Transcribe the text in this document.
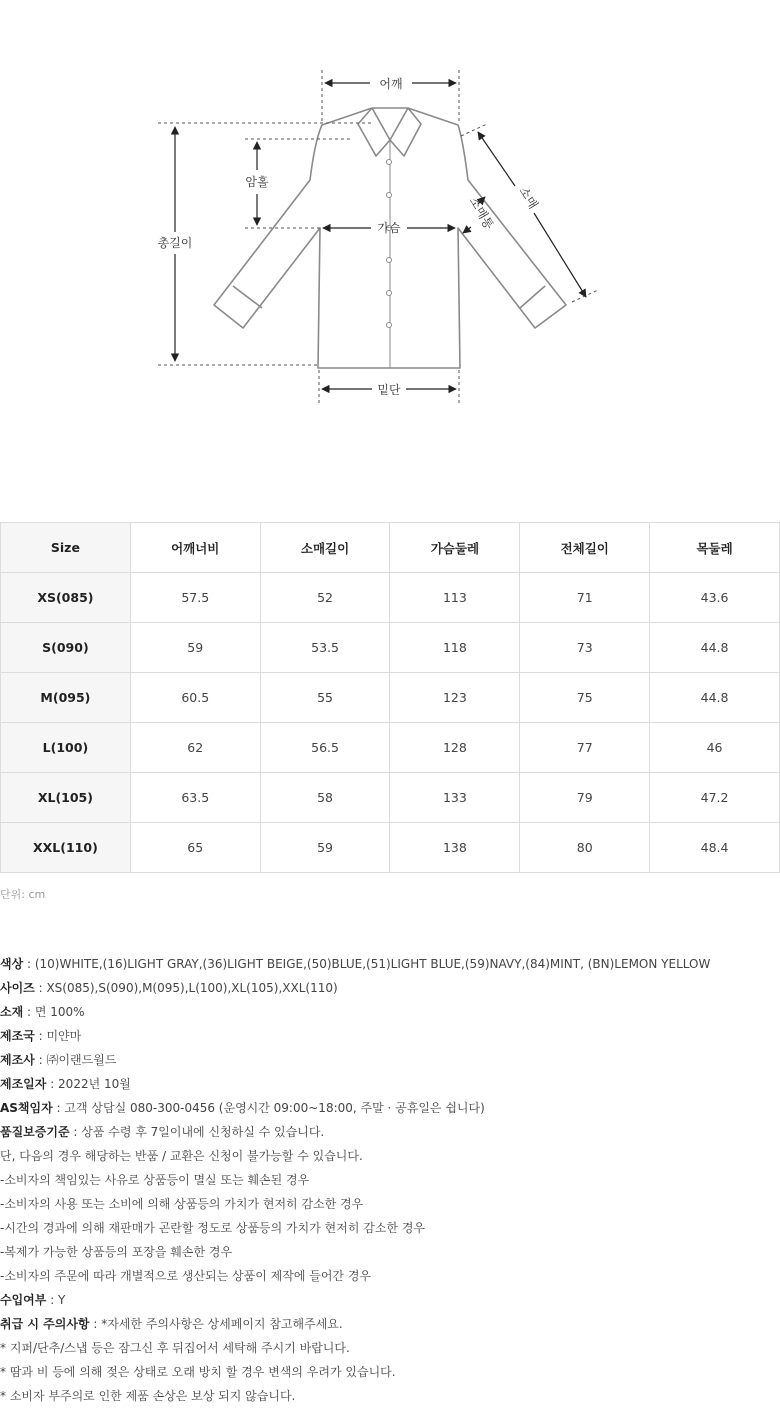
어깨
암홀
총길이
가슴
밑단
소매
소매통
Size	어깨너비	소매길이	가슴둘레	전체길이	목둘레
XS(085)	57.5	52	113	71	43.6
S(090)	59	53.5	118	73	44.8
M(095)	60.5	55	123	75	44.8
L(100)	62	56.5	128	77	46
XL(105)	63.5	58	133	79	47.2
XXL(110)	65	59	138	80	48.4
단위: cm
색상 : (10)WHITE,(16)LIGHT GRAY,(36)LIGHT BEIGE,(50)BLUE,(51)LIGHT BLUE,(59)NAVY,(84)MINT, (BN)LEMON YELLOW
사이즈 : XS(085),S(090),M(095),L(100),XL(105),XXL(110)
소재 : 면 100%
제조국 : 미얀마
제조사 : ㈜이랜드월드
제조일자 : 2022년 10월
AS책임자 : 고객 상담실 080-300-0456 (운영시간 09:00~18:00, 주말 · 공휴일은 쉽니다)
품질보증기준 : 상품 수령 후 7일이내에 신청하실 수 있습니다.
단, 다음의 경우 해당하는 반품 / 교환은 신청이 불가능할 수 있습니다.
-소비자의 책임있는 사유로 상품등이 멸실 또는 훼손된 경우
-소비자의 사용 또는 소비에 의해 상품등의 가치가 현저히 감소한 경우
-시간의 경과에 의해 재판매가 곤란할 정도로 상품등의 가치가 현저히 감소한 경우
-복제가 가능한 상품등의 포장을 훼손한 경우
-소비자의 주문에 따라 개별적으로 생산되는 상품이 제작에 들어간 경우
수입여부 : Y
취급 시 주의사항 : *자세한 주의사항은 상세페이지 참고해주세요.
* 지퍼/단추/스냅 등은 잠그신 후 뒤집어서 세탁해 주시기 바랍니다.
* 땀과 비 등에 의해 젖은 상태로 오래 방치 할 경우 변색의 우려가 있습니다.
* 소비자 부주의로 인한 제품 손상은 보상 되지 않습니다.
